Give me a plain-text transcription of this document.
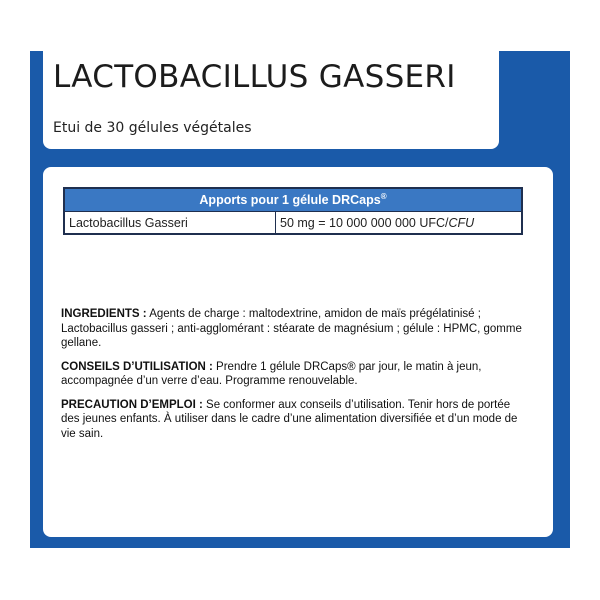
LACTOBACILLUS GASSERI

Etui de 30 gélules végétales

Apports pour 1 gélule DRCaps®
Lactobacillus Gasseri	50 mg = 10 000 000 000 UFC/CFU

INGREDIENTS : Agents de charge : maltodextrine, amidon de maïs prégélatinisé ; Lactobacillus gasseri ; anti-agglomérant : stéarate de magnésium ; gélule : HPMC, gomme gellane.

CONSEILS D’UTILISATION : Prendre 1 gélule DRCaps® par jour, le matin à jeun, accompagnée d’un verre d’eau. Programme renouvelable.

PRECAUTION D’EMPLOI : Se conformer aux conseils d’utilisation. Tenir hors de portée des jeunes enfants. À utiliser dans le cadre d’une alimentation diversifiée et d’un mode de vie sain.
